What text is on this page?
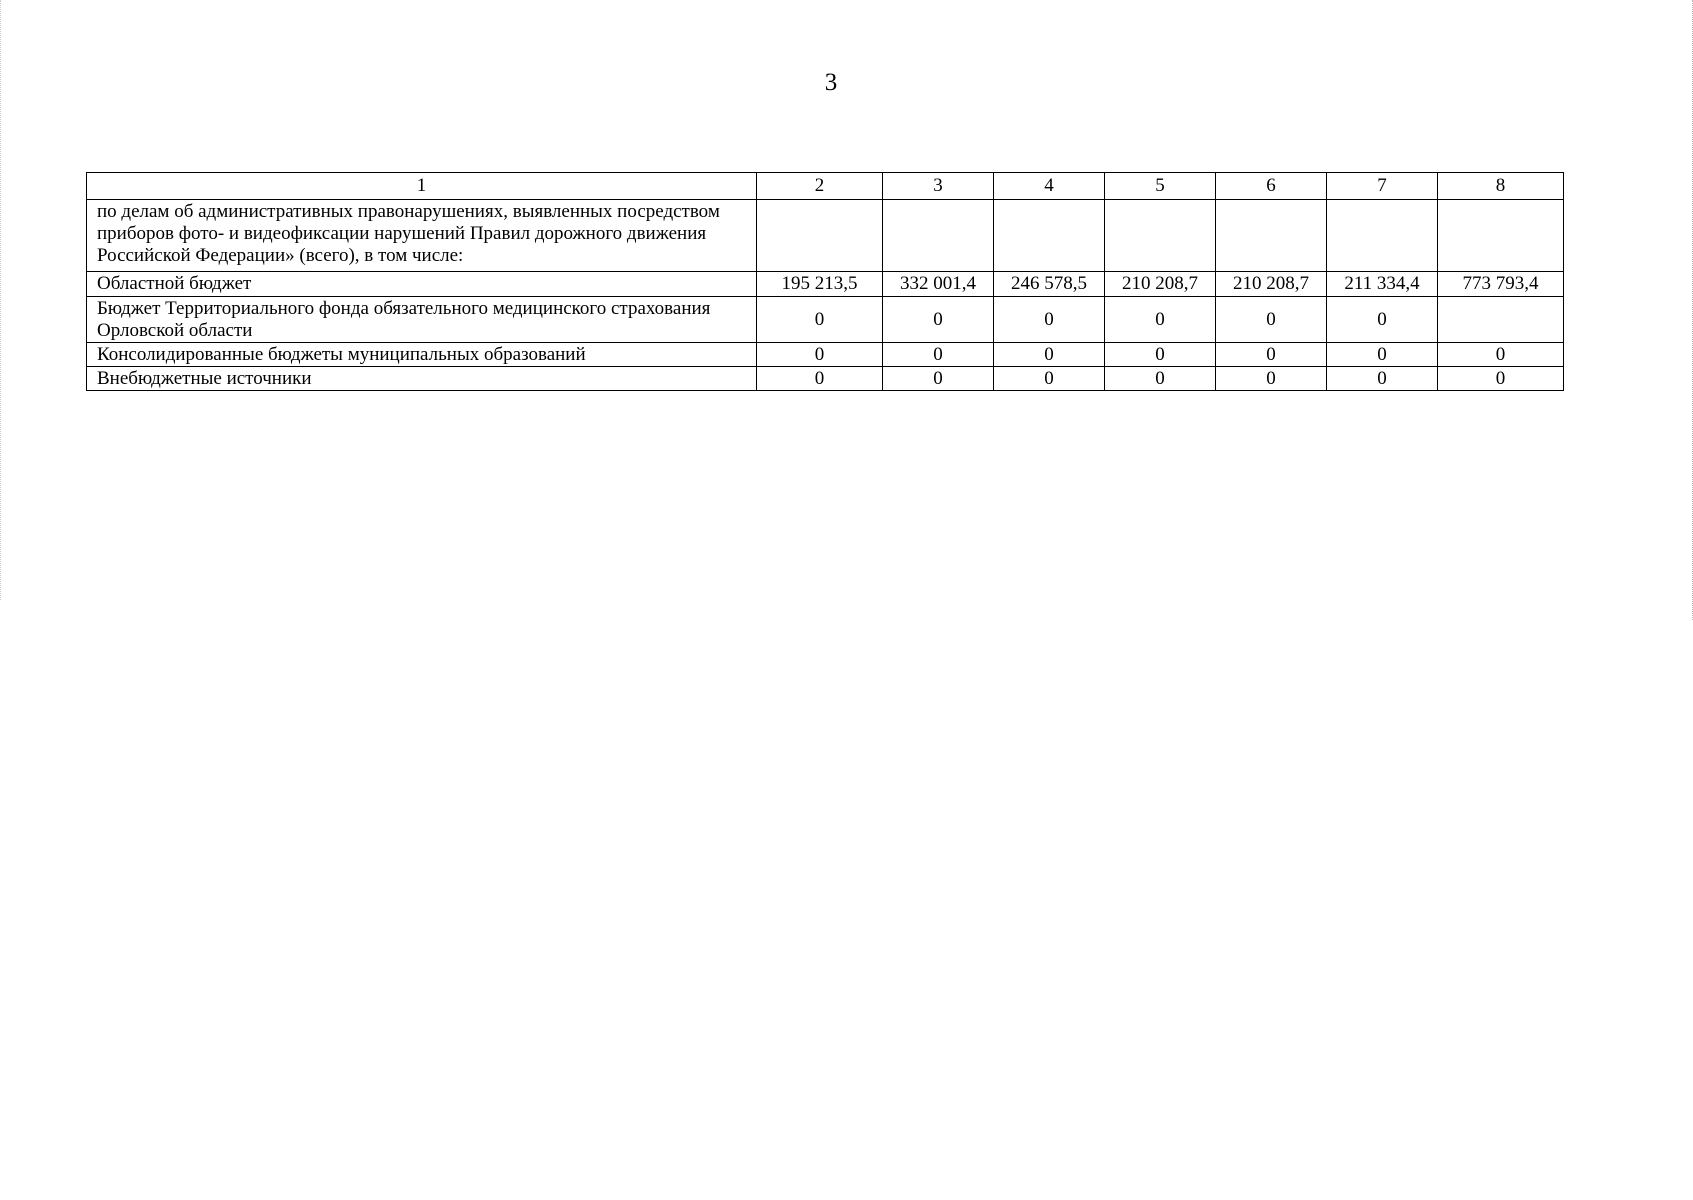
3
1	2	3	4	5	6	7	8
по делам об административных правонарушениях, выявленных посредством приборов фото- и видеофиксации нарушений Правил дорожного движения Российской Федерации» (всего), в том числе:							
Областной бюджет	195 213,5	332 001,4	246 578,5	210 208,7	210 208,7	211 334,4	773 793,4
Бюджет Территориального фонда обязательного медицинского страхования Орловской области	0	0	0	0	0	0	
Консолидированные бюджеты муниципальных образований	0	0	0	0	0	0	0
Внебюджетные источники	0	0	0	0	0	0	0
